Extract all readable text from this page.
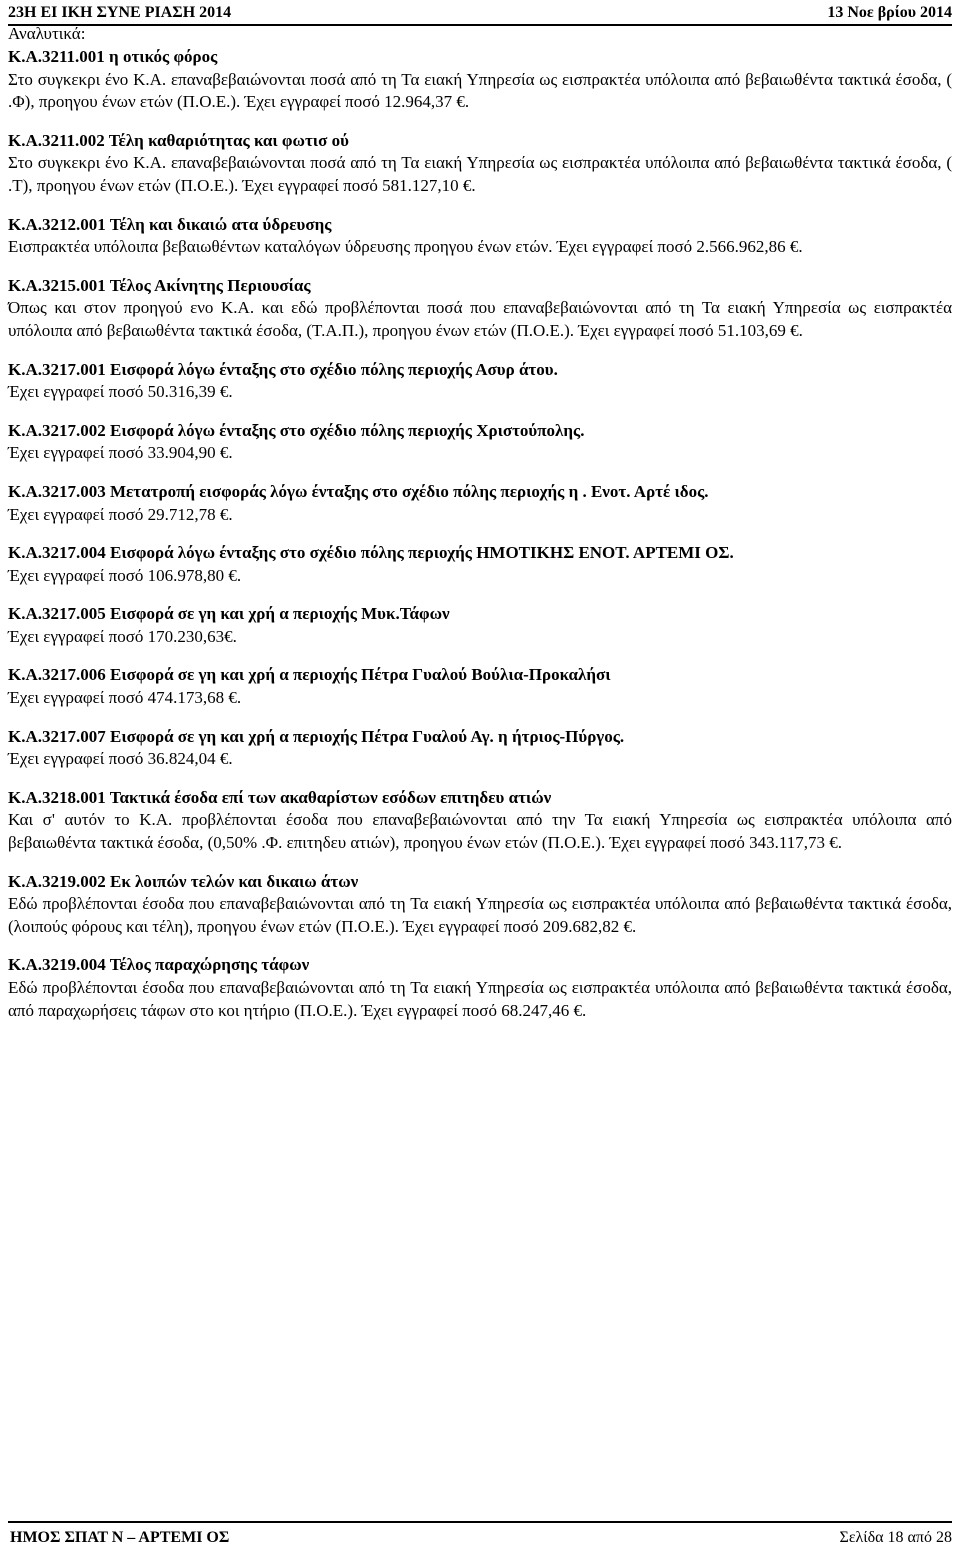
23Η ΕΙ ΙΚΗ ΣΥΝΕ ΡΙΑΣΗ 2014	13 Νοε βρίου 2014
Αναλυτικά:

Κ.Α.3211.001 η οτικός φόρος

Στο συγκεκρι ένο Κ.Α. επαναβεβαιώνονται ποσά από τη Τα ειακή Υπηρεσία ως εισπρακτέα υπόλοιπα από βεβαιωθέντα τακτικά έσοδα, ( .Φ), προηγου ένων ετών (Π.Ο.Ε.). Έχει εγγραφεί ποσό 12.964,37 €.

Κ.Α.3211.002 Τέλη καθαριότητας και φωτισ ού

Στο συγκεκρι ένο Κ.Α. επαναβεβαιώνονται ποσά από τη Τα ειακή Υπηρεσία ως εισπρακτέα υπόλοιπα από βεβαιωθέντα τακτικά έσοδα, ( .Τ), προηγου ένων ετών (Π.Ο.Ε.). Έχει εγγραφεί ποσό 581.127,10 €.

Κ.Α.3212.001 Τέλη και δικαιώ ατα ύδρευσης

Εισπρακτέα υπόλοιπα βεβαιωθέντων καταλόγων ύδρευσης προηγου ένων ετών. Έχει εγγραφεί ποσό 2.566.962,86 €.

Κ.Α.3215.001 Τέλος Ακίνητης Περιουσίας

Όπως και στον προηγού ενο Κ.Α. και εδώ προβλέπονται ποσά που επαναβεβαιώνονται από τη Τα ειακή Υπηρεσία ως εισπρακτέα υπόλοιπα από βεβαιωθέντα τακτικά έσοδα, (Τ.Α.Π.), προηγου ένων ετών (Π.Ο.Ε.). Έχει εγγραφεί ποσό 51.103,69 €.

Κ.Α.3217.001 Εισφορά λόγω ένταξης στο σχέδιο πόλης περιοχής Ασυρ άτου.

Έχει εγγραφεί ποσό 50.316,39 €.

Κ.Α.3217.002 Εισφορά λόγω ένταξης στο σχέδιο πόλης περιοχής Χριστούπολης.

Έχει εγγραφεί ποσό 33.904,90 €.

Κ.Α.3217.003 Μετατροπή εισφοράς λόγω ένταξης στο σχέδιο πόλης περιοχής η . Ενοτ. Αρτέ ιδος.

Έχει εγγραφεί ποσό 29.712,78 €.

Κ.Α.3217.004 Εισφορά λόγω ένταξης στο σχέδιο πόλης περιοχής ΗΜΟΤΙΚΗΣ ΕΝΟΤ. ΑΡΤΕΜΙ ΟΣ.

Έχει εγγραφεί ποσό 106.978,80 €.

Κ.Α.3217.005 Εισφορά σε γη και χρή α περιοχής Μυκ.Τάφων

Έχει εγγραφεί ποσό 170.230,63€.

Κ.Α.3217.006 Εισφορά σε γη και χρή α περιοχής Πέτρα Γυαλού Βούλια-Προκαλήσι

Έχει εγγραφεί ποσό 474.173,68 €.

Κ.Α.3217.007 Εισφορά σε γη και χρή α περιοχής Πέτρα Γυαλού Αγ. η ήτριος-Πύργος.

Έχει εγγραφεί ποσό 36.824,04 €.

Κ.Α.3218.001 Τακτικά έσοδα επί των ακαθαρίστων εσόδων επιτηδευ ατιών

Και σ' αυτόν το Κ.Α. προβλέπονται έσοδα που επαναβεβαιώνονται από την Τα ειακή Υπηρεσία ως εισπρακτέα υπόλοιπα από βεβαιωθέντα τακτικά έσοδα, (0,50% .Φ. επιτηδευ ατιών), προηγου ένων ετών (Π.Ο.Ε.). Έχει εγγραφεί ποσό 343.117,73 €.

Κ.Α.3219.002 Εκ λοιπών τελών και δικαιω άτων

Εδώ προβλέπονται έσοδα που επαναβεβαιώνονται από τη Τα ειακή Υπηρεσία ως εισπρακτέα υπόλοιπα από βεβαιωθέντα τακτικά έσοδα, (λοιπούς φόρους και τέλη), προηγου ένων ετών (Π.Ο.Ε.). Έχει εγγραφεί ποσό 209.682,82 €.

Κ.Α.3219.004 Τέλος παραχώρησης τάφων

Εδώ προβλέπονται έσοδα που επαναβεβαιώνονται από τη Τα ειακή Υπηρεσία ως εισπρακτέα υπόλοιπα από βεβαιωθέντα τακτικά έσοδα, από παραχωρήσεις τάφων στο κοι ητήριο (Π.Ο.Ε.). Έχει εγγραφεί ποσό 68.247,46 €.

ΗΜΟΣ ΣΠΑΤ Ν – ΑΡΤΕΜΙ ΟΣ	Σελίδα 18 από 28
